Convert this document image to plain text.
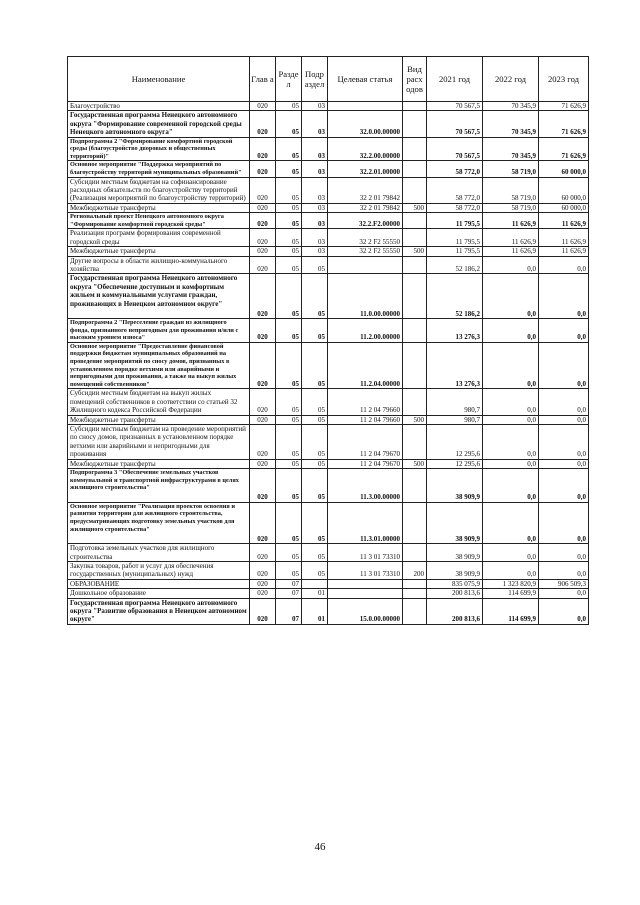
Наименование	Глав а	Разде л	Подр аздел	Целевая статья	Вид расх одов	2021 год	2022 год	2023 год
Благоустройство	020	05	03			70 567,5	70 345,9	71 626,9
Государственная программа Ненецкого автономного округа "Формирование современной городской среды Ненецкого автономного округа"	020	05	03	32.0.00.00000		70 567,5	70 345,9	71 626,9
Подпрограмма 2 "Формирование комфортной городской среды (благоустройство дворовых и общественных территорий)"	020	05	03	32.2.00.00000		70 567,5	70 345,9	71 626,9
Основное мероприятие "Поддержка мероприятий по благоустройству территорий муниципальных образований"	020	05	03	32.2.01.00000		58 772,0	58 719,0	60 000,0
Субсидии местным бюджетам на софинансирование расходных обязательств по благоустройству территорий (Реализация мероприятий по благоустройству территорий)	020	05	03	32 2 01 79842		58 772,0	58 719,0	60 000,0
Межбюджетные трансферты	020	05	03	32 2 01 79842	500	58 772,0	58 719,0	60 000,0
Региональный проект Ненецкого автономного округа "Формирование комфортной городской среды"	020	05	03	32.2.F2.00000		11 795,5	11 626,9	11 626,9
Реализация программ формирования современной городской среды	020	05	03	32 2 F2 55550		11 795,5	11 626,9	11 626,9
Межбюджетные трансферты	020	05	03	32 2 F2 55550	500	11 795,5	11 626,9	11 626,9
Другие вопросы в области жилищно-коммунального хозяйства	020	05	05			52 186,2	0,0	0,0
Государственная программа Ненецкого автономного округа "Обеспечение доступным и комфортным жильем и коммунальными услугами граждан, проживающих в Ненецком автономном округе"	020	05	05	11.0.00.00000		52 186,2	0,0	0,0
Подпрограмма 2 "Переселение граждан из жилищного фонда, признанного непригодным для проживания и/или с высоким уровнем износа"	020	05	05	11.2.00.00000		13 276,3	0,0	0,0
Основное мероприятие "Предоставление финансовой поддержки бюджетам муниципальных образований на проведение мероприятий по сносу домов, признанных в установленном порядке ветхими или аварийными и непригодными для проживания, а также на выкуп жилых помещений собственников"	020	05	05	11.2.04.00000		13 276,3	0,0	0,0
Субсидии местным бюджетам на выкуп жилых помещений собственников в соответствии со статьей 32 Жилищного кодекса Российской Федерации	020	05	05	11 2 04 79660		980,7	0,0	0,0
Межбюджетные трансферты	020	05	05	11 2 04 79660	500	980,7	0,0	0,0
Субсидии местным бюджетам на проведение мероприятий по сносу домов, признанных в установленном порядке ветхими или аварийными и непригодными для проживания	020	05	05	11 2 04 79670		12 295,6	0,0	0,0
Межбюджетные трансферты	020	05	05	11 2 04 79670	500	12 295,6	0,0	0,0
Подпрограмма 3 "Обеспечение земельных участков коммунальной и транспортной инфраструктурами в целях жилищного строительства"	020	05	05	11.3.00.00000		38 909,9	0,0	0,0
Основное мероприятие "Реализация проектов освоения и развития территории для жилищного строительства, предусматривающих подготовку земельных участков для жилищного строительства"	020	05	05	11.3.01.00000		38 909,9	0,0	0,0
Подготовка земельных участков для жилищного строительства	020	05	05	11 3 01 73310		38 909,9	0,0	0,0
Закупка товаров, работ и услуг для обеспечения государственных (муниципальных) нужд	020	05	05	11 3 01 73310	200	38 909,9	0,0	0,0
ОБРАЗОВАНИЕ	020	07				835 075,9	1 323 820,9	906 509,3
Дошкольное образование	020	07	01			200 813,6	114 699,9	0,0
Государственная программа Ненецкого автономного округа "Развитие образования в Ненецком автономном округе"	020	07	01	15.0.00.00000		200 813,6	114 699,9	0,0
46
